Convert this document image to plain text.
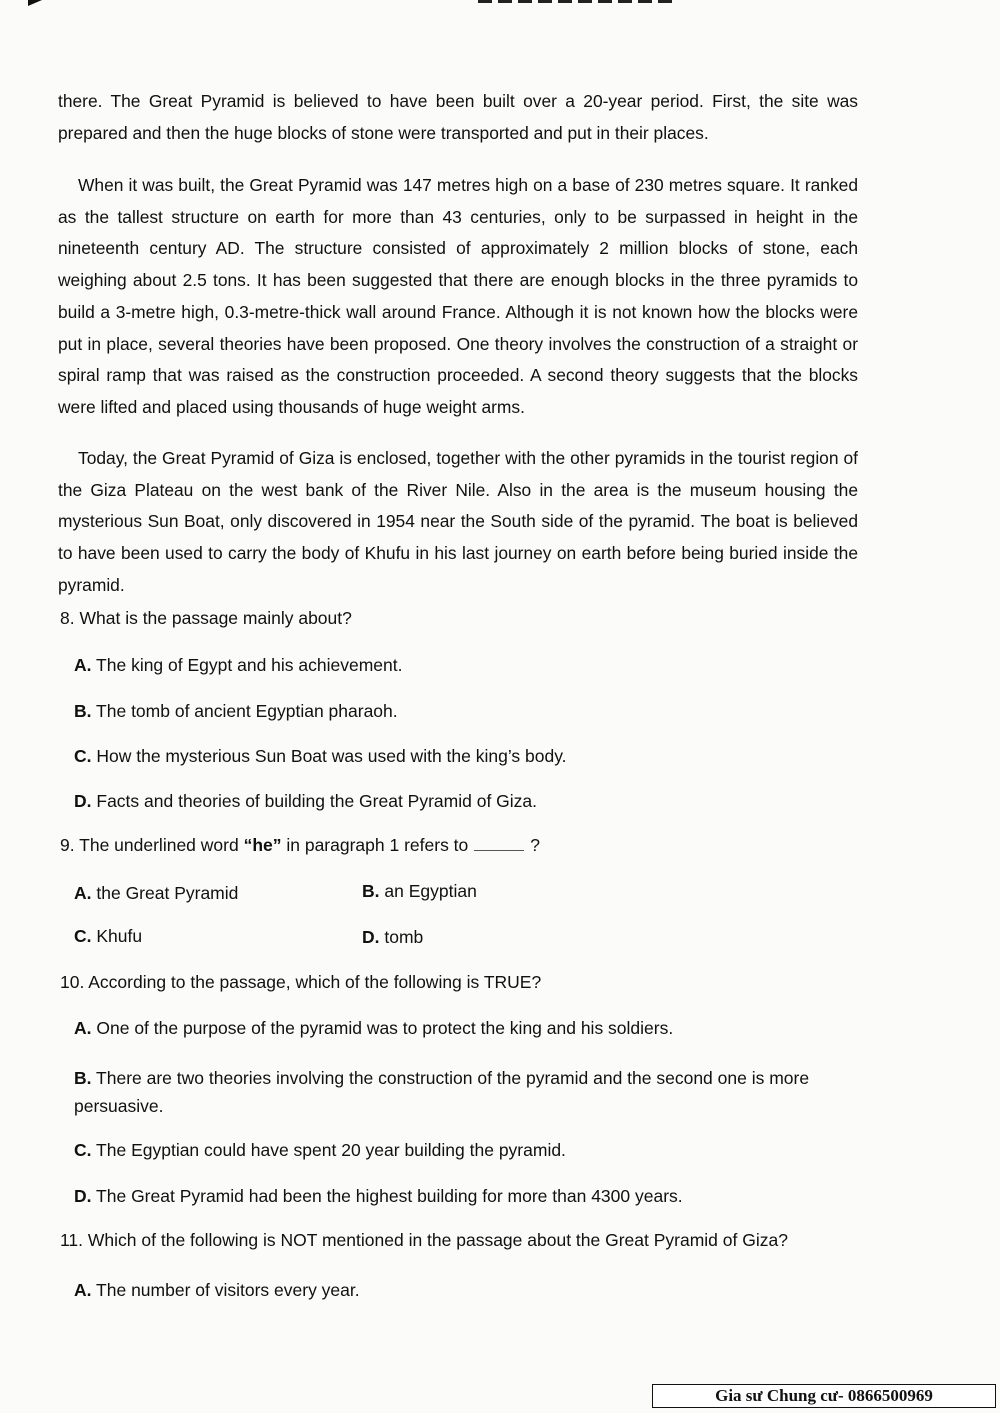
there. The Great Pyramid is believed to have been built over a 20-year period. First, the site was prepared and then the huge blocks of stone were transported and put in their places.

When it was built, the Great Pyramid was 147 metres high on a base of 230 metres square. It ranked as the tallest structure on earth for more than 43 centuries, only to be surpassed in height in the nineteenth century AD. The structure consisted of approximately 2 million blocks of stone, each weighing about 2.5 tons. It has been suggested that there are enough blocks in the three pyramids to build a 3-metre high, 0.3-metre-thick wall around France. Although it is not known how the blocks were put in place, several theories have been proposed. One theory involves the construction of a straight or spiral ramp that was raised as the construction proceeded. A second theory suggests that the blocks were lifted and placed using thousands of huge weight arms.

Today, the Great Pyramid of Giza is enclosed, together with the other pyramids in the tourist region of the Giza Plateau on the west bank of the River Nile. Also in the area is the museum housing the mysterious Sun Boat, only discovered in 1954 near the South side of the pyramid. The boat is believed to have been used to carry the body of Khufu in his last journey on earth before being buried inside the pyramid.

8. What is the passage mainly about?

A. The king of Egypt and his achievement.

B. The tomb of ancient Egyptian pharaoh.

C. How the mysterious Sun Boat was used with the king’s body.

D. Facts and theories of building the Great Pyramid of Giza.

9. The underlined word “he” in paragraph 1 refers to	?

A. the Great Pyramid	B. an Egyptian

C. Khufu	D. tomb

10. According to the passage, which of the following is TRUE?

A. One of the purpose of the pyramid was to protect the king and his soldiers.

B. There are two theories involving the construction of the pyramid and the second one is more persuasive.

C. The Egyptian could have spent 20 year building the pyramid.

D. The Great Pyramid had been the highest building for more than 4300 years.

11. Which of the following is NOT mentioned in the passage about the Great Pyramid of Giza?

A. The number of visitors every year.

Gia sư Chung cư- 0866500969
